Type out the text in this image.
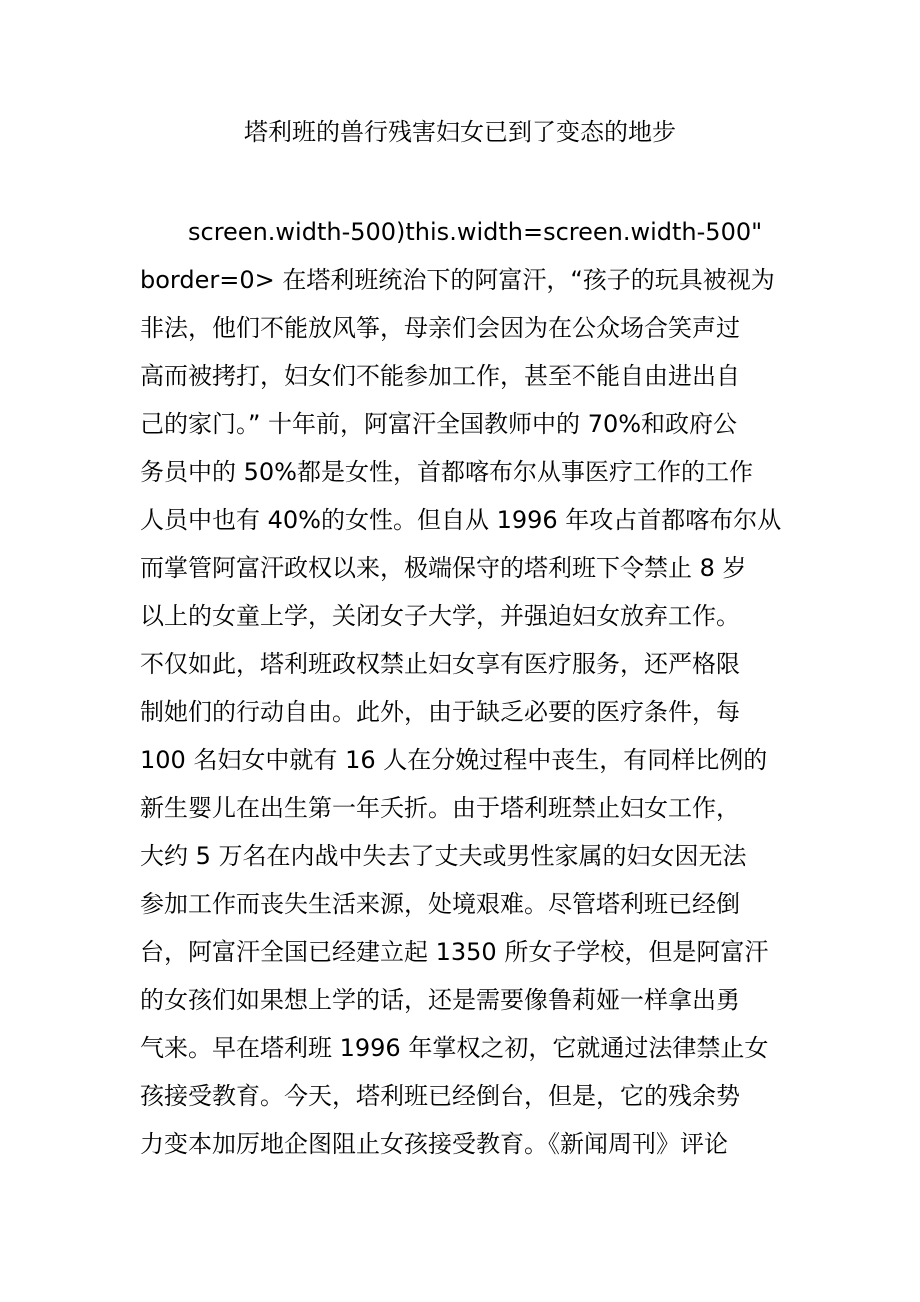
塔利班的兽行残害妇女已到了变态的地步
screen.width-500)this.width=screen.width-500"
border=0> 在塔利班统治下的阿富汗，“孩子的玩具被视为
非法，他们不能放风筝，母亲们会因为在公众场合笑声过
高而被拷打，妇女们不能参加工作，甚至不能自由进出自
己的家门。” 十年前，阿富汗全国教师中的 70%和政府公
务员中的 50%都是女性，首都喀布尔从事医疗工作的工作
人员中也有 40%的女性。但自从 1996 年攻占首都喀布尔从
而掌管阿富汗政权以来，极端保守的塔利班下令禁止 8 岁
以上的女童上学，关闭女子大学，并强迫妇女放弃工作。
不仅如此，塔利班政权禁止妇女享有医疗服务，还严格限
制她们的行动自由。此外，由于缺乏必要的医疗条件，每
100 名妇女中就有 16 人在分娩过程中丧生，有同样比例的
新生婴儿在出生第一年夭折。由于塔利班禁止妇女工作，
大约 5 万名在内战中失去了丈夫或男性家属的妇女因无法
参加工作而丧失生活来源，处境艰难。尽管塔利班已经倒
台，阿富汗全国已经建立起 1350 所女子学校，但是阿富汗
的女孩们如果想上学的话，还是需要像鲁莉娅一样拿出勇
气来。早在塔利班 1996 年掌权之初，它就通过法律禁止女
孩接受教育。今天，塔利班已经倒台，但是，它的残余势
力变本加厉地企图阻止女孩接受教育。《新闻周刊》评论
